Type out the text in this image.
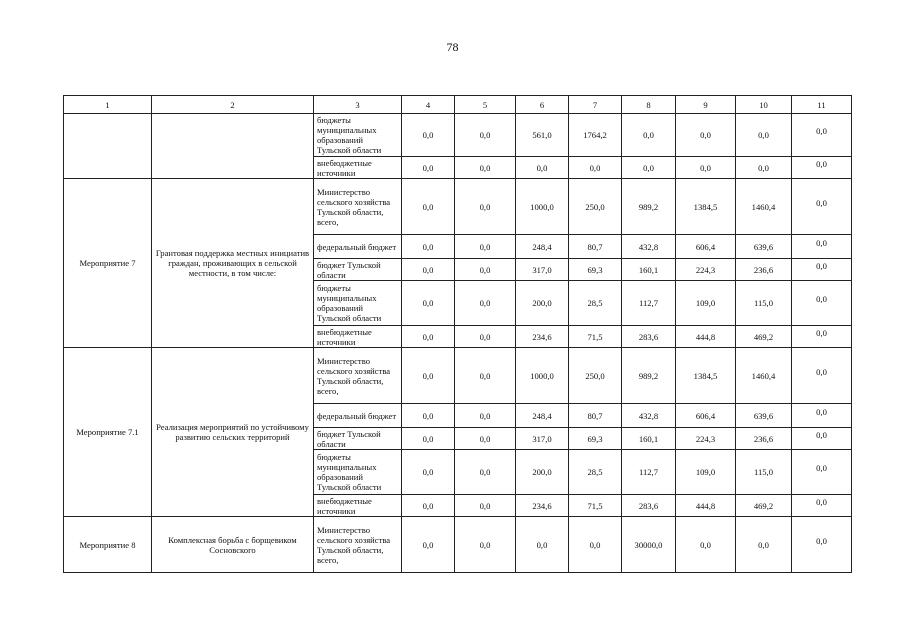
78
1	2	3	4	5	6	7	8	9	10	11
		бюджеты муниципальных образований Тульской области	0,0	0,0	561,0	1764,2	0,0	0,0	0,0	0,0
		внебюджетные источники	0,0	0,0	0,0	0,0	0,0	0,0	0,0	0,0
Мероприятие 7	Грантовая поддержка местных инициатив граждан, проживающих в сельской местности, в том числе:	Министерство сельского хозяйства Тульской области, всего,	0,0	0,0	1000,0	250,0	989,2	1384,5	1460,4	0,0
		федеральный бюджет	0,0	0,0	248,4	80,7	432,8	606,4	639,6	0,0
		бюджет Тульской области	0,0	0,0	317,0	69,3	160,1	224,3	236,6	0,0
		бюджеты муниципальных образований Тульской области	0,0	0,0	200,0	28,5	112,7	109,0	115,0	0,0
		внебюджетные источники	0,0	0,0	234,6	71,5	283,6	444,8	469,2	0,0
Мероприятие 7.1	Реализация мероприятий по устойчивому развитию сельских территорий	Министерство сельского хозяйства Тульской области, всего,	0,0	0,0	1000,0	250,0	989,2	1384,5	1460,4	0,0
		федеральный бюджет	0,0	0,0	248,4	80,7	432,8	606,4	639,6	0,0
		бюджет Тульской области	0,0	0,0	317,0	69,3	160,1	224,3	236,6	0,0
		бюджеты муниципальных образований Тульской области	0,0	0,0	200,0	28,5	112,7	109,0	115,0	0,0
		внебюджетные источники	0,0	0,0	234,6	71,5	283,6	444,8	469,2	0,0
Мероприятие 8	Комплексная борьба с борщевиком Сосновского	Министерство сельского хозяйства Тульской области, всего,	0,0	0,0	0,0	0,0	30000,0	0,0	0,0	0,0
